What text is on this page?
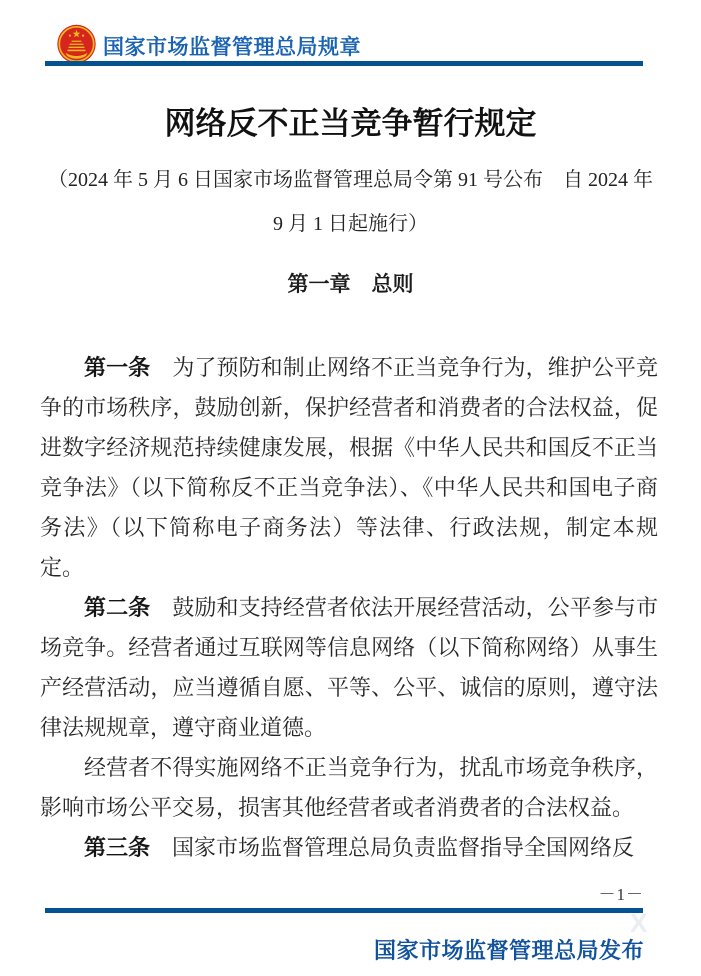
国家市场监督管理总局规章
网络反不正当竞争暂行规定

（2024 年 5 月 6 日国家市场监督管理总局令第 91 号公布　自 2024 年 9 月 1 日起施行）

第一章　总则

第一条　 为了预防和制止网络不正当竞争行为，维护公平竞争的市场秩序，鼓励创新，保护经营者和消费者的合法权益，促进数字经济规范持续健康发展，根据《中华人民共和国反不正当竞争法》（以下简称反不正当竞争法）、《中华人民共和国电子商务法》（以下简称电子商务法）等法律、行政法规，制定本规定。

第二条　 鼓励和支持经营者依法开展经营活动，公平参与市场竞争。经营者通过互联网等信息网络（以下简称网络）从事生产经营活动，应当遵循自愿、平等、公平、诚信的原则，遵守法律法规规章，遵守商业道德。

经营者不得实施网络不正当竞争行为，扰乱市场竞争秩序，影响市场公平交易，损害其他经营者或者消费者的合法权益。

第三条　 国家市场监督管理总局负责监督指导全国网络反

－1－
X
国家市场监督管理总局发布
